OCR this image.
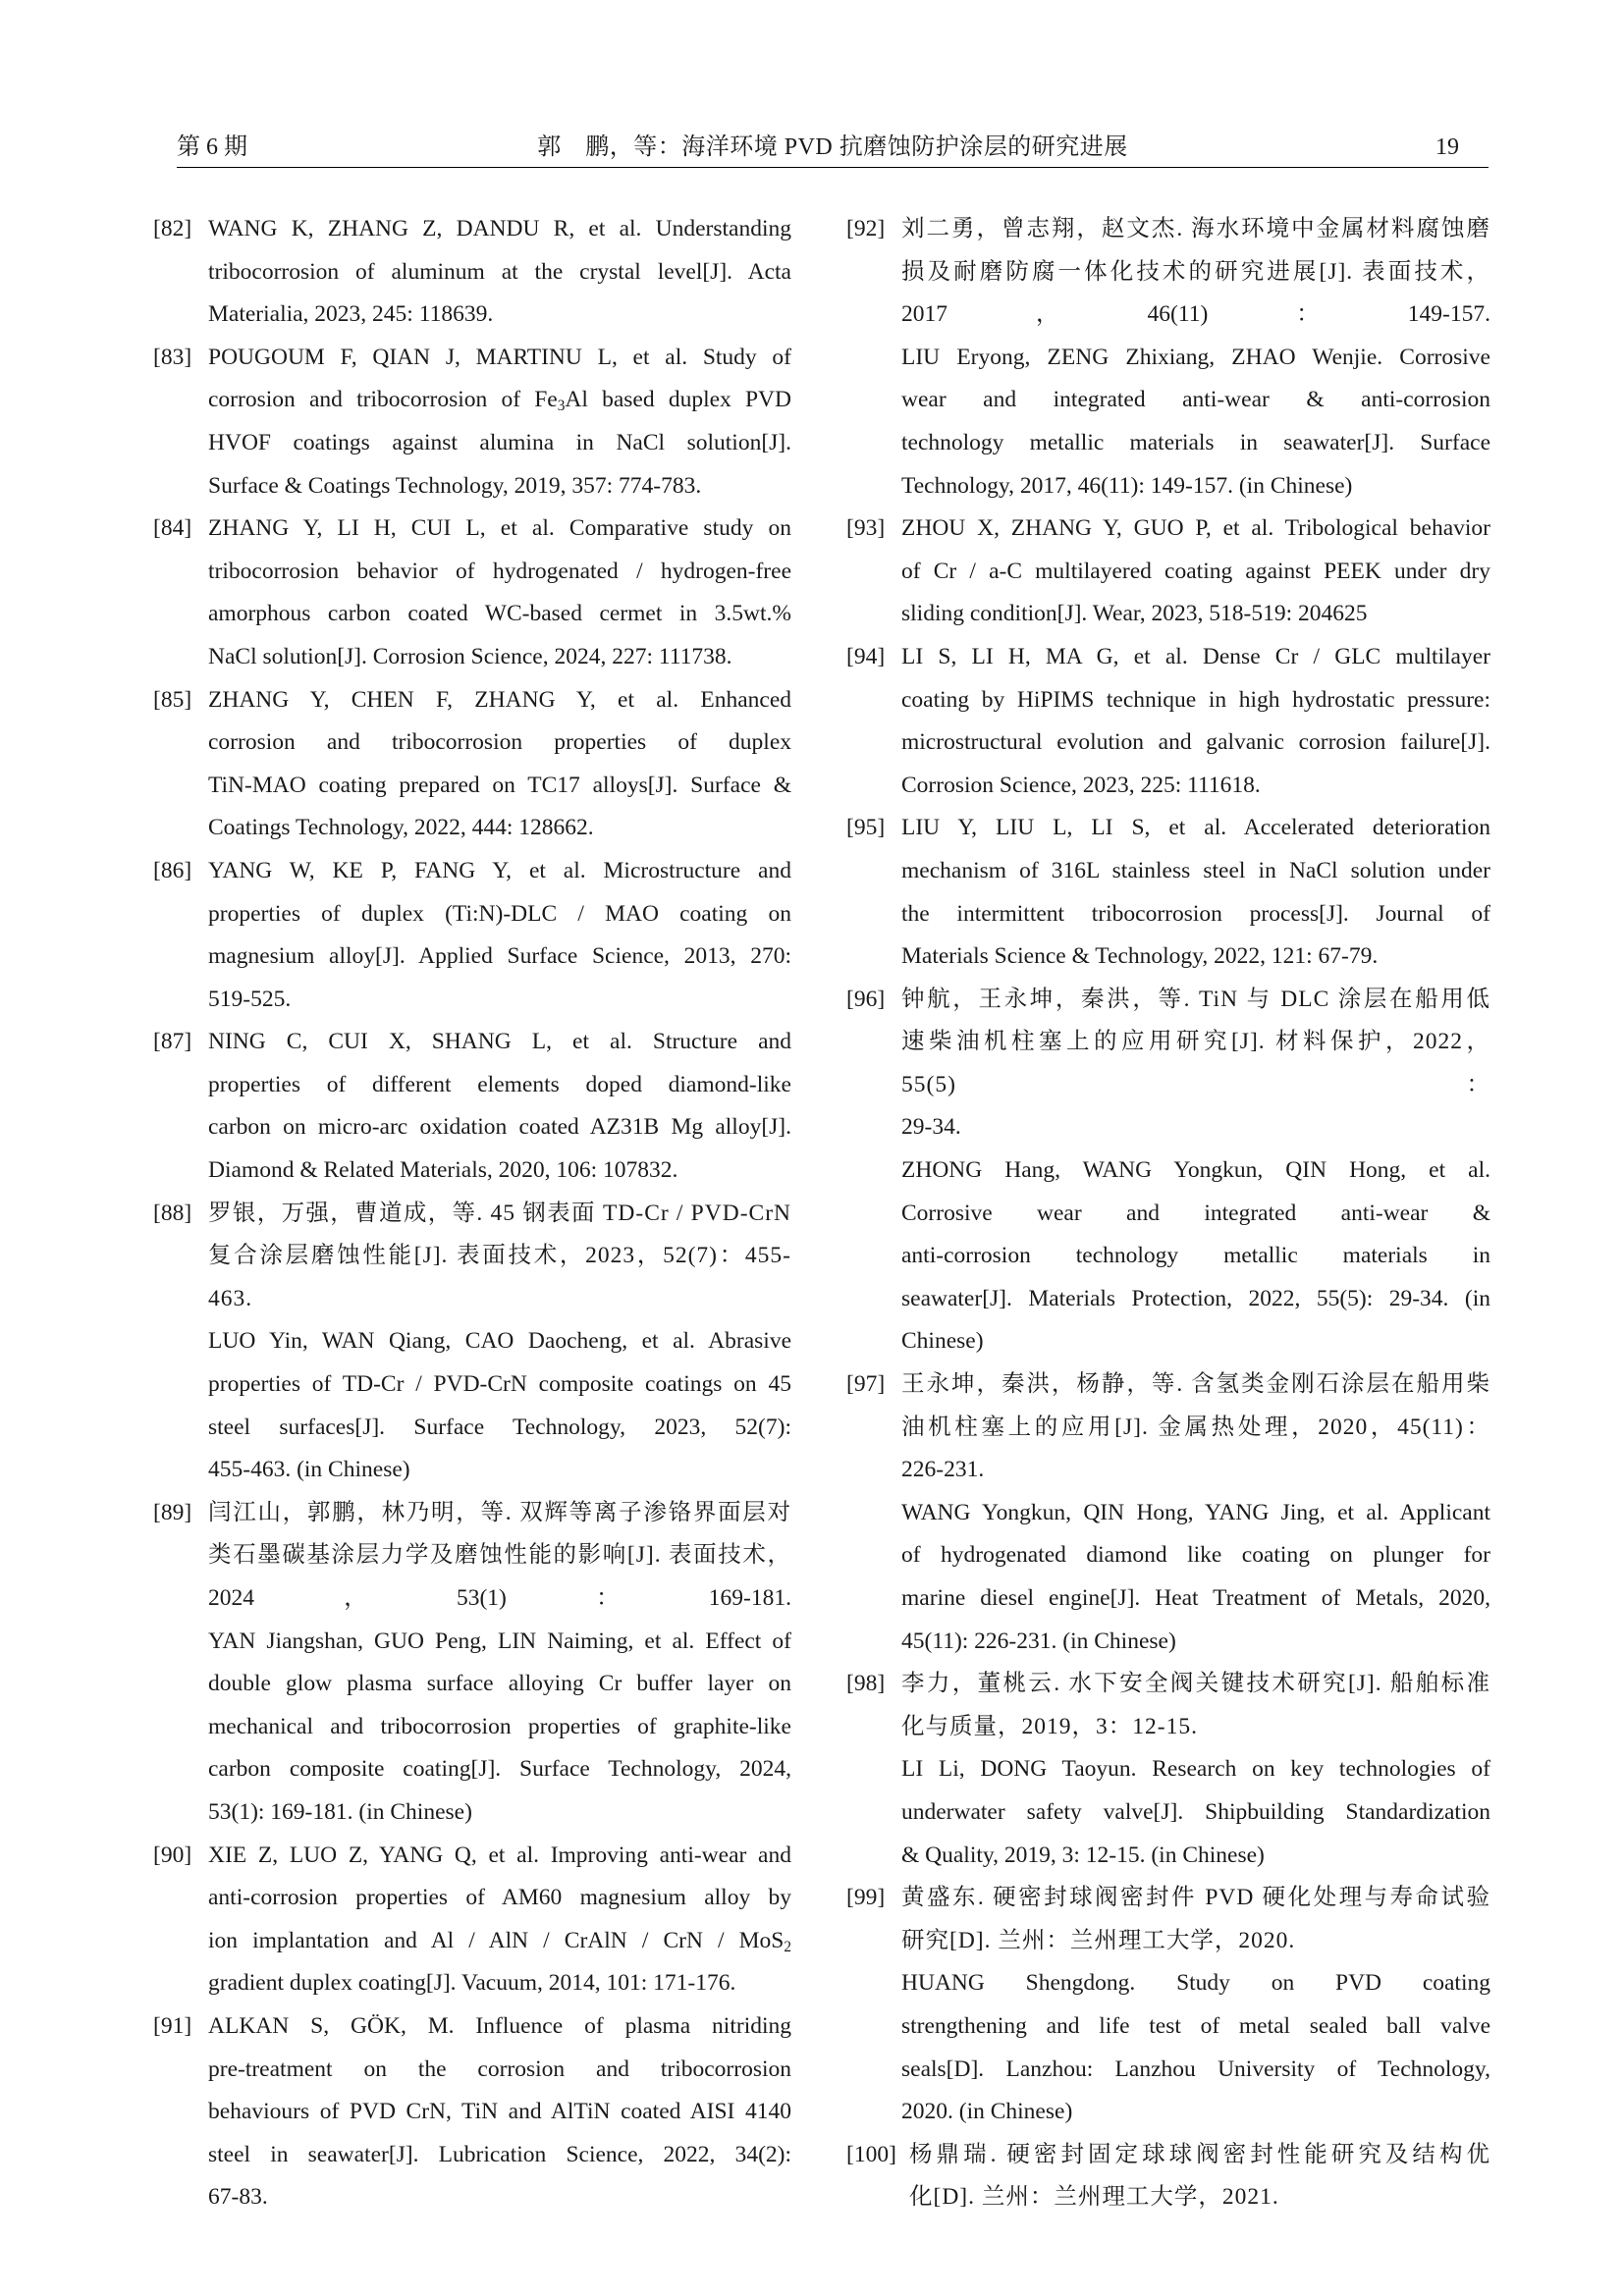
第 6 期	郭　鹏，等：海洋环境 PVD 抗磨蚀防护涂层的研究进展	19
[82] WANG K, ZHANG Z, DANDU R, et al. Understanding
tribocorrosion of aluminum at the crystal level[J]. Acta
Materialia, 2023, 245: 118639.
[83] POUGOUM F, QIAN J, MARTINU L, et al. Study of
corrosion and tribocorrosion of $Fe_3Al$ based duplex PVD
HVOF coatings against alumina in NaCl solution[J].
Surface & Coatings Technology, 2019, 357: 774-783.
[84] ZHANG Y, LI H, CUI L, et al. Comparative study on
tribocorrosion behavior of hydrogenated / hydrogen-free
amorphous carbon coated WC-based cermet in 3.5wt.%
NaCl solution[J]. Corrosion Science, 2024, 227: 111738.
[85] ZHANG Y, CHEN F, ZHANG Y, et al. Enhanced
corrosion and tribocorrosion properties of duplex
TiN-MAO coating prepared on TC17 alloys[J]. Surface &
Coatings Technology, 2022, 444: 128662.
[86] YANG W, KE P, FANG Y, et al. Microstructure and
properties of duplex (Ti:N)-DLC / MAO coating on
magnesium alloy[J]. Applied Surface Science, 2013, 270:
519-525.
[87] NING C, CUI X, SHANG L, et al. Structure and
properties of different elements doped diamond-like
carbon on micro-arc oxidation coated AZ31B Mg alloy[J].
Diamond & Related Materials, 2020, 106: 107832.
[88] 罗银，万强，曹道成，等. 45 钢表面 TD-Cr / PVD-CrN
复合涂层磨蚀性能[J]. 表面技术，2023，52(7)：455-463.
LUO Yin, WAN Qiang, CAO Daocheng, et al. Abrasive
properties of TD-Cr / PVD-CrN composite coatings on 45
steel surfaces[J]. Surface Technology, 2023, 52(7):
455-463. (in Chinese)
[89] 闫江山，郭鹏，林乃明，等. 双辉等离子渗铬界面层对
类石墨碳基涂层力学及磨蚀性能的影响[J]. 表面技术，
2024，53(1)：169-181.
YAN Jiangshan, GUO Peng, LIN Naiming, et al. Effect of
double glow plasma surface alloying Cr buffer layer on
mechanical and tribocorrosion properties of graphite-like
carbon composite coating[J]. Surface Technology, 2024,
53(1): 169-181. (in Chinese)
[90] XIE Z, LUO Z, YANG Q, et al. Improving anti-wear and
anti-corrosion properties of AM60 magnesium alloy by
ion implantation and Al / AlN / CrAlN / CrN / MoS$_2$
gradient duplex coating[J]. Vacuum, 2014, 101: 171-176.
[91] ALKAN S, GÖK, M. Influence of plasma nitriding
pre-treatment on the corrosion and tribocorrosion
behaviours of PVD CrN, TiN and AlTiN coated AISI 4140
steel in seawater[J]. Lubrication Science, 2022, 34(2):
67-83.
[92] 刘二勇，曾志翔，赵文杰. 海水环境中金属材料腐蚀磨
损及耐磨防腐一体化技术的研究进展[J]. 表面技术，
2017，46(11)：149-157.
LIU Eryong, ZENG Zhixiang, ZHAO Wenjie. Corrosive
wear and integrated anti-wear & anti-corrosion
technology metallic materials in seawater[J]. Surface
Technology, 2017, 46(11): 149-157. (in Chinese)
[93] ZHOU X, ZHANG Y, GUO P, et al. Tribological behavior
of Cr / a-C multilayered coating against PEEK under dry
sliding condition[J]. Wear, 2023, 518-519: 204625
[94] LI S, LI H, MA G, et al. Dense Cr / GLC multilayer
coating by HiPIMS technique in high hydrostatic pressure:
microstructural evolution and galvanic corrosion failure[J].
Corrosion Science, 2023, 225: 111618.
[95] LIU Y, LIU L, LI S, et al. Accelerated deterioration
mechanism of 316L stainless steel in NaCl solution under
the intermittent tribocorrosion process[J]. Journal of
Materials Science & Technology, 2022, 121: 67-79.
[96] 钟航，王永坤，秦洪，等. TiN 与 DLC 涂层在船用低
速柴油机柱塞上的应用研究[J]. 材料保护，2022，55(5)：
29-34.
ZHONG Hang, WANG Yongkun, QIN Hong, et al.
Corrosive wear and integrated anti-wear &
anti-corrosion technology metallic materials in
seawater[J]. Materials Protection, 2022, 55(5): 29-34. (in
Chinese)
[97] 王永坤，秦洪，杨静，等. 含氢类金刚石涂层在船用柴
油机柱塞上的应用[J]. 金属热处理，2020，45(11)：
226-231.
WANG Yongkun, QIN Hong, YANG Jing, et al. Applicant
of hydrogenated diamond like coating on plunger for
marine diesel engine[J]. Heat Treatment of Metals, 2020,
45(11): 226-231. (in Chinese)
[98] 李力，董桃云. 水下安全阀关键技术研究[J]. 船舶标准
化与质量，2019，3：12-15.
LI Li, DONG Taoyun. Research on key technologies of
underwater safety valve[J]. Shipbuilding Standardization
& Quality, 2019, 3: 12-15. (in Chinese)
[99] 黄盛东. 硬密封球阀密封件 PVD 硬化处理与寿命试验
研究[D]. 兰州：兰州理工大学，2020.
HUANG Shengdong. Study on PVD coating
strengthening and life test of metal sealed ball valve
seals[D]. Lanzhou: Lanzhou University of Technology,
2020. (in Chinese)
[100] 杨鼎瑞. 硬密封固定球球阀密封性能研究及结构优
化[D]. 兰州：兰州理工大学，2021.
